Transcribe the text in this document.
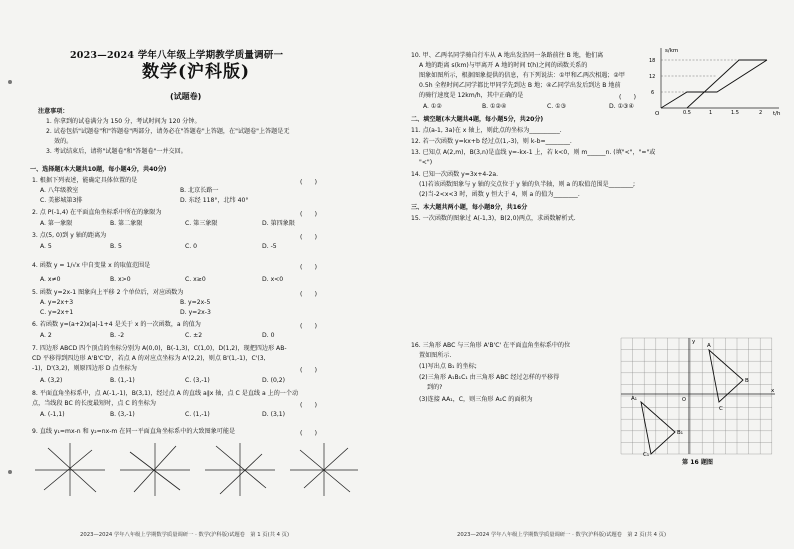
2023—2024 学年八年级上学期教学质量调研一
数学(沪科版)
(试题卷)
注意事项：
1. 你拿到的试卷满分为 150 分，考试时间为 120 分钟。
2. 试卷包括"试题卷"和"答题卷"两部分，请务必在"答题卷"上答题，在"试题卷"上答题是无
效的。
3. 考试结束后，请将"试题卷"和"答题卷"一并交回。
一、选择题(本大题共10题，每小题4分，共40分)
1. 根据下列表述，能确定具体位置的是	(　　)
A. 八年级教室	B. 北京长路一
C. 美影城第3排	D. 东经 118°，北纬 40°
2. 点 P(-1,4) 在平面直角坐标系中所在的象限为	(　　)
A. 第一象限	B. 第二象限	C. 第三象限	D. 第四象限
3. 点(5, 0)到 y 轴的距离为	(　　)
A. 5	B. 5	C. 0	D. -5
4. 函数 y = 1/√x 中自变量 x 的取值范围是	(　　)
A. x≠0	B. x>0	C. x≥0	D. x<0
5. 函数 y=2x-1 图象向上平移 2 个单位后，对应函数为	(　　)
A. y=2x+3	B. y=2x-5
C. y=2x+1	D. y=2x-3
6. 若函数 y=(a+2)x|a|-1+4 是关于 x 的一次函数，a 的值为	(　　)
A. 2	B. -2	C. ±2	D. 0
7. 四边形 ABCD 四个顶点的坐标分别为 A(0,0)，B(-1,3)，C(1,0)，D(1,2)，现把四边形 AB-
CD 平移得到四边形 A'B'C'D'，若点 A 的对应点坐标为 A'(2,2)，则点 B'(1,-1)，C'(3,
-1)，D'(3,2)，则原四边形 D 点坐标为	(　　)
A. (3,2)	B. (1,-1)	C. (3,-1)	D. (0,2)
8. 平面直角坐标系中，点 A(-1,-1)，B(3,1)，经过点 A 的直线 a∥x 轴，点 C 是直线 a 上的一个动
点，当线段 BC 的长度最短时，点 C 的坐标为	(　　)
A. (-1,1)	B. (3,-1)	C. (1,-1)	D. (3,1)
9. 直线 y₁=mx-n 和 y₂=nx-m 在同一平面直角坐标系中的大致图象可能是	(　　)
2023—2024 学年八年级上学期数学质量调研一 · 数学(沪科版)试题卷　第 1 页(共 4 页)
10. 甲、乙两名同学骑自行车从 A 地出发沿同一条路前往 B 地，他们离
A 地的距离 s(km)与甲离开 A 地的时间 t(h)之间的函数关系的
图象如图所示，根据图象提供的信息，有下列说法：①甲和乙两次相遇；②甲
0.5h 全程时间乙同学都比甲同学先到达 B 地；④乙同学出发后到达 B 地前
的骑行速度是 12km/h，其中正确的是	(　　)
A. ①②	B. ①②④	C. ①③	D. ①③④
s/km
t/h
O
18
12
6
0.5	1	1.5	2
二、填空题(本大题共4题，每小题5分，共20分)
11. 点(a-1, 3a)在 x 轴上，则此点的坐标为__________.
12. 若一次函数 y=kx+b 经过点(1,-3)，则 k-b=________.
13. 已知点 A(2,m)，B(3,n)是直线 y=-kx-1 上，若 k<0，则 m______n. (填"<"，"="或
"<")
14. 已知一次函数 y=3x+4-2a.
(1)若该函数图象与 y 轴的交点位于 y 轴的负半轴，则 a 的取值范围是________;
(2)当-2<x<3 时，函数 y 恒大于 4，则 a 的值为________.
三、本大题共两小题，每小题8分，共16分
15. 一次函数的图象过 A(-1,3)，B(2,0)两点，求函数解析式.
16. 三角形 ABC 与三角形 A'B'C' 在平面直角坐标系中的位
置如图所示.
(1)写出点 B₁ 的坐标;
(2)三角形 A₁B₁C₁ 由三角形 ABC 经过怎样的平移得
到的?
(3)连接 AA₁，C，则三角形 A₁C 的面积为
x
y
O
A
B
C
A₁
B₁
C₁
第 16 题图
2023—2024 学年八年级上学期数学质量调研一 · 数学(沪科版)试题卷　第 2 页(共 4 页)
